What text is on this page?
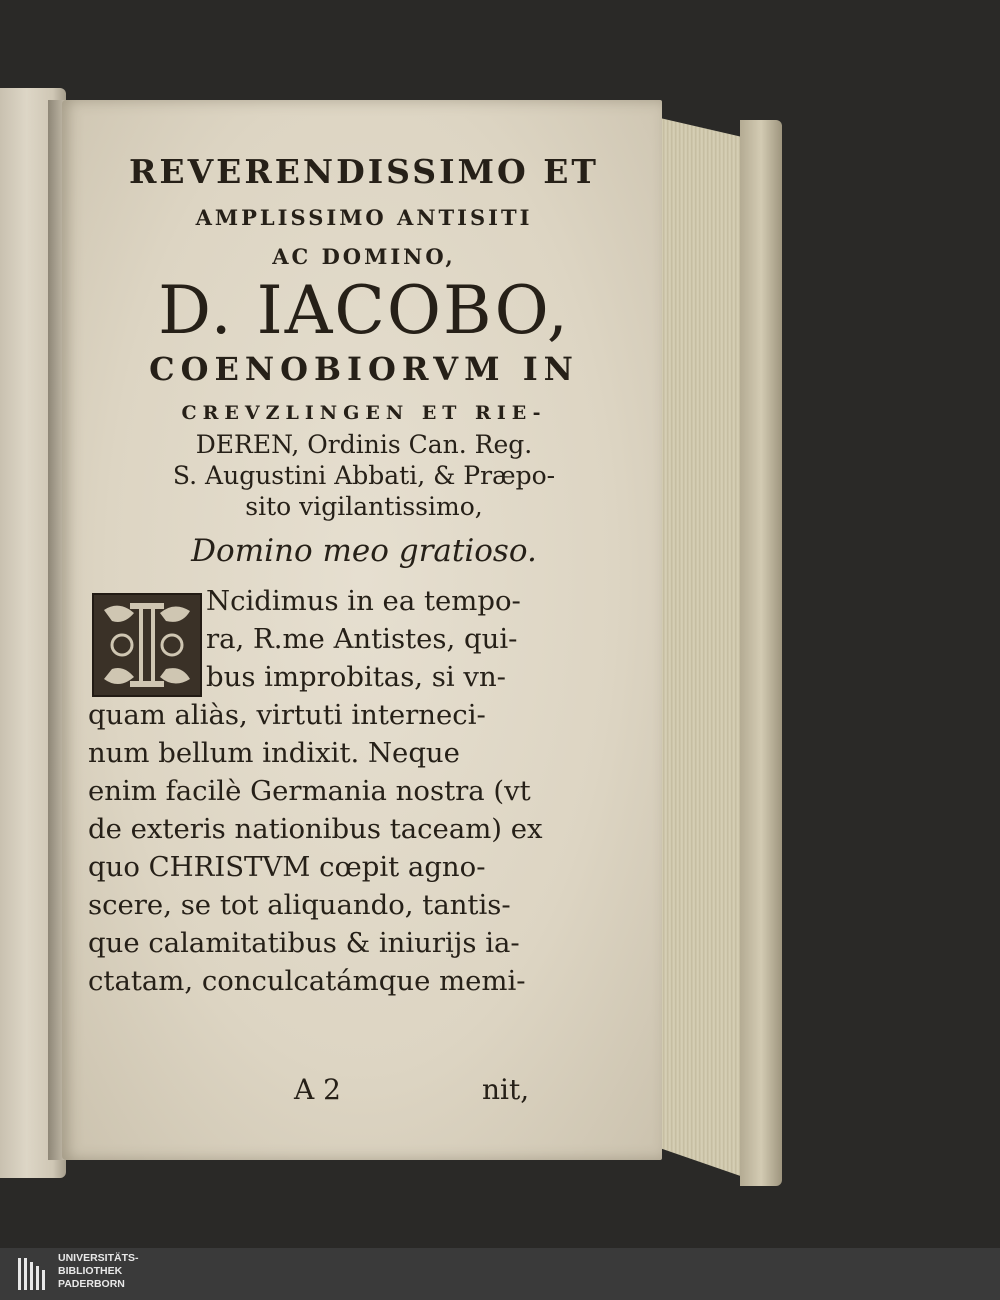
REVERENDISSIMO ET
AMPLISSIMO ANTISITI
AC DOMINO,
D. IACOBO,
COENOBIORVM IN
CREVZLINGEN ET RIE-
DEREN, Ordinis Can. Reg.
S. Augustini Abbati, & Præpo-
sito vigilantissimo,
Domino meo gratioso.
Ncidimus in ea tempo-
ra, R.me Antistes, qui-
bus improbitas, si vn-
quam aliàs, virtuti interneci-
num bellum indixit. Neque
enim facilè Germania nostra (vt
de exteris nationibus taceam) ex
quo CHRISTVM cœpit agno-
scere, se tot aliquando, tantis-
que calamitatibus & iniurijs ia-
ctatam, conculcatámque memi-
A 2	nit,
UNIVERSITÄTS-
BIBLIOTHEK
PADERBORN
